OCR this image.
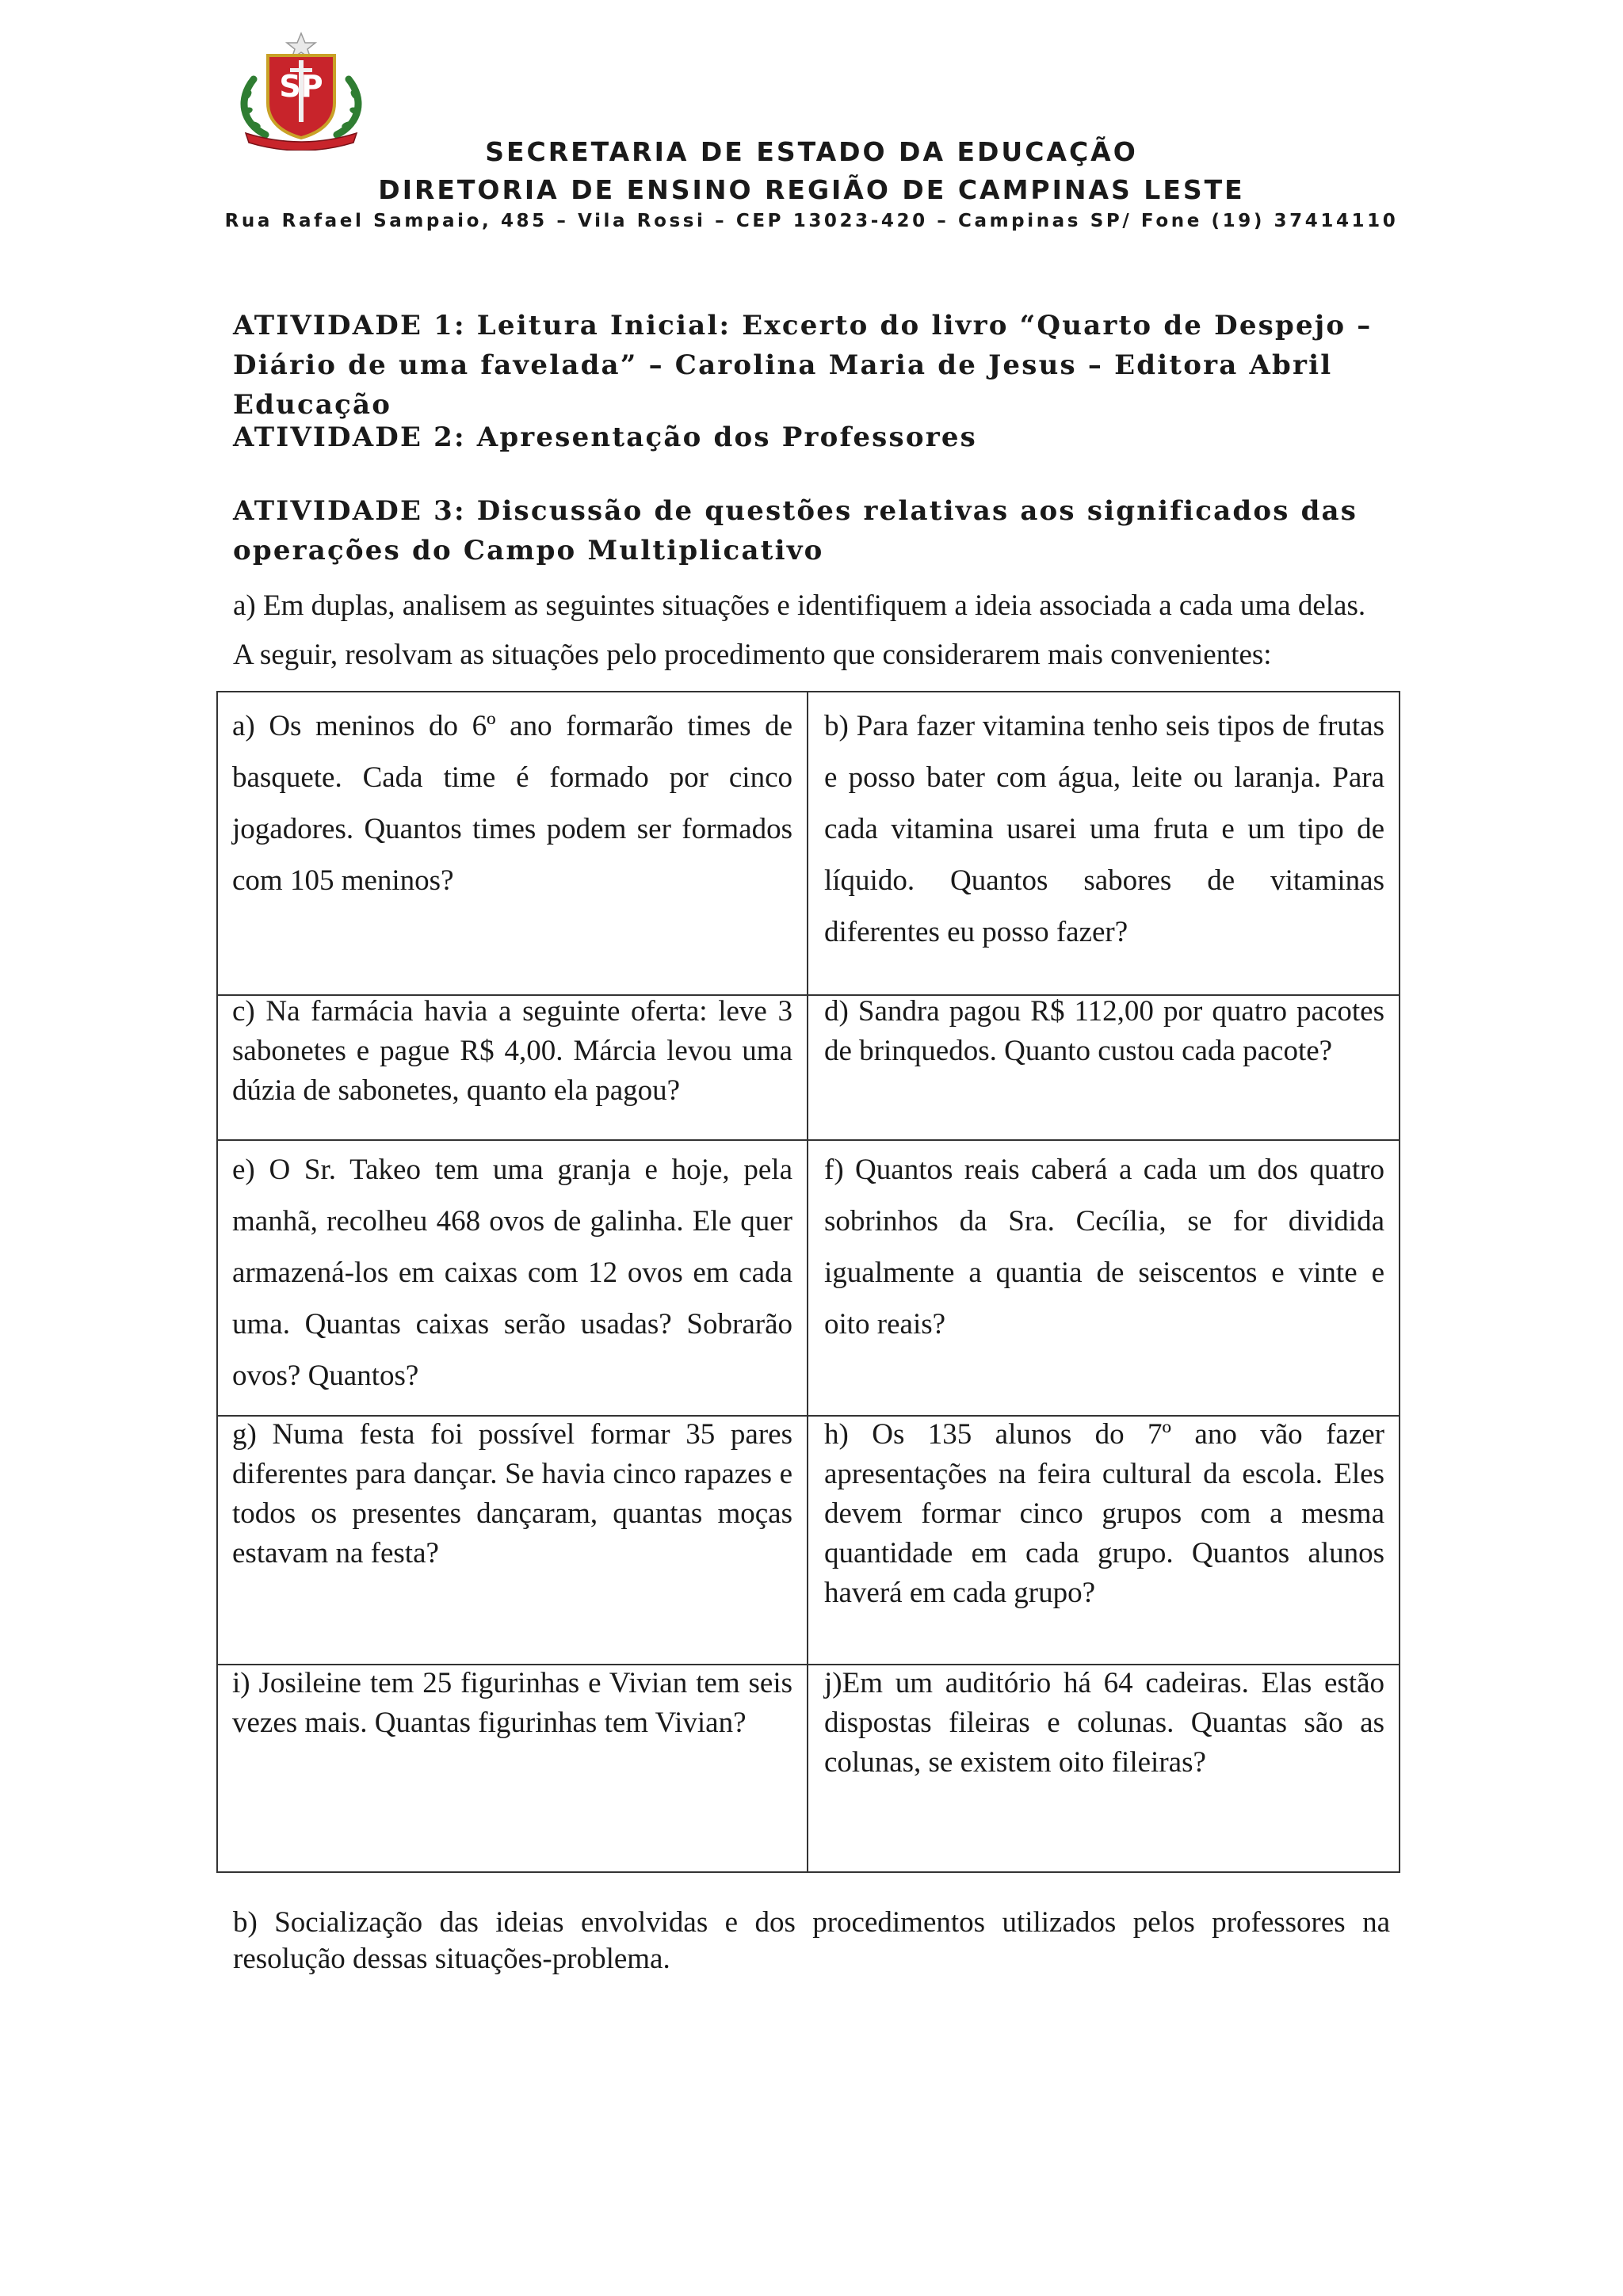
SP
SECRETARIA DE ESTADO DA EDUCAÇÃO
DIRETORIA DE ENSINO REGIÃO DE CAMPINAS LESTE
Rua Rafael Sampaio, 485 – Vila Rossi – CEP 13023-420 – Campinas SP/ Fone (19) 37414110
ATIVIDADE 1: Leitura Inicial: Excerto do livro “Quarto de Despejo – Diário de uma favelada” – Carolina Maria de Jesus – Editora Abril Educação
ATIVIDADE 2: Apresentação dos Professores
ATIVIDADE 3: Discussão de questões relativas aos significados das operações do Campo Multiplicativo
a) Em duplas, analisem as seguintes situações e identifiquem a ideia associada a cada uma delas.
A seguir, resolvam as situações pelo procedimento que considerarem mais convenientes:
a) Os meninos do 6º ano formarão times de basquete. Cada time é formado por cinco jogadores. Quantos times podem ser formados com 105 meninos?
b) Para fazer vitamina tenho seis tipos de frutas e posso bater com água, leite ou laranja. Para cada vitamina usarei uma fruta e um tipo de líquido. Quantos sabores de vitaminas diferentes eu posso fazer?
c) Na farmácia havia a seguinte oferta: leve 3 sabonetes e pague R$ 4,00. Márcia levou uma dúzia de sabonetes, quanto ela pagou?
d) Sandra pagou R$ 112,00 por quatro pacotes de brinquedos. Quanto custou cada pacote?
e) O Sr. Takeo tem uma granja e hoje, pela manhã, recolheu 468 ovos de galinha. Ele quer armazená-los em caixas com 12 ovos em cada uma. Quantas caixas serão usadas? Sobrarão ovos? Quantos?
f) Quantos reais caberá a cada um dos quatro sobrinhos da Sra. Cecília, se for dividida igualmente a quantia de seiscentos e vinte e oito reais?
g) Numa festa foi possível formar 35 pares diferentes para dançar. Se havia cinco rapazes e todos os presentes dançaram, quantas moças estavam na festa?
h) Os 135 alunos do 7º ano vão fazer apresentações na feira cultural da escola. Eles devem formar cinco grupos com a mesma quantidade em cada grupo. Quantos alunos haverá em cada grupo?
i) Josileine tem 25 figurinhas e Vivian tem seis vezes mais. Quantas figurinhas tem Vivian?
j)Em um auditório há 64 cadeiras. Elas estão dispostas fileiras e colunas. Quantas são as colunas, se existem oito fileiras?
b) Socialização das ideias envolvidas e dos procedimentos utilizados pelos professores na resolução dessas situações-problema.
